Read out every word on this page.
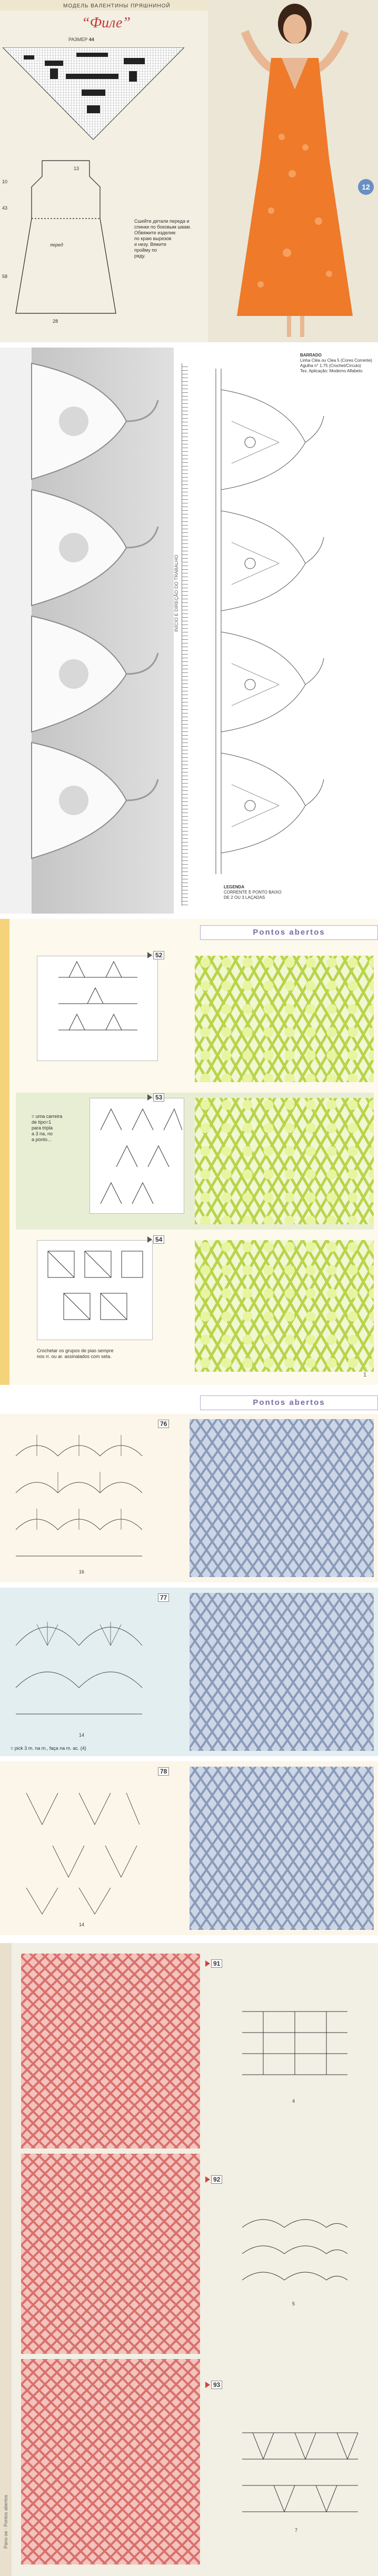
МОДЕЛЬ ВАЛЕНТИНЫ ПРЯШНИНОЙ
“Филе”
РАЗМЕР 44
43
10
13
58
28
перед
Сшейте детали переда и
спинки по боковым швам.
Обвяжите изделие
по краю вырезов
и низу. Вяжите
пройму по
ряду.
12
INÍCIO E DIREÇÃO DO TRABALHO
BARRADO
Linha Cléa ou Clea 5 (Cores Corrente)
Agulha n° 1.75 (Crochet/Círculo)
Tex. Aplicação: Moderno Alfabeto
LEGENDA
CORRENTE E PONTO BAIXO
DE 2 OU 3 LAÇADAS
Pontos abertos
52
= uma carreira
de tipo=1
para tripla
a 3 na, no
a ponto...
53
54
Crochetar os grupos de pias sempre
nos rr. ou ar. assinalados com seta.
1
Pontos abertos
16
76
14
= pick 3 m. na m., faça na m. ac. (4)
77
14
78
Pano oe · Pontos abertos
91
4
92
5
93
7
